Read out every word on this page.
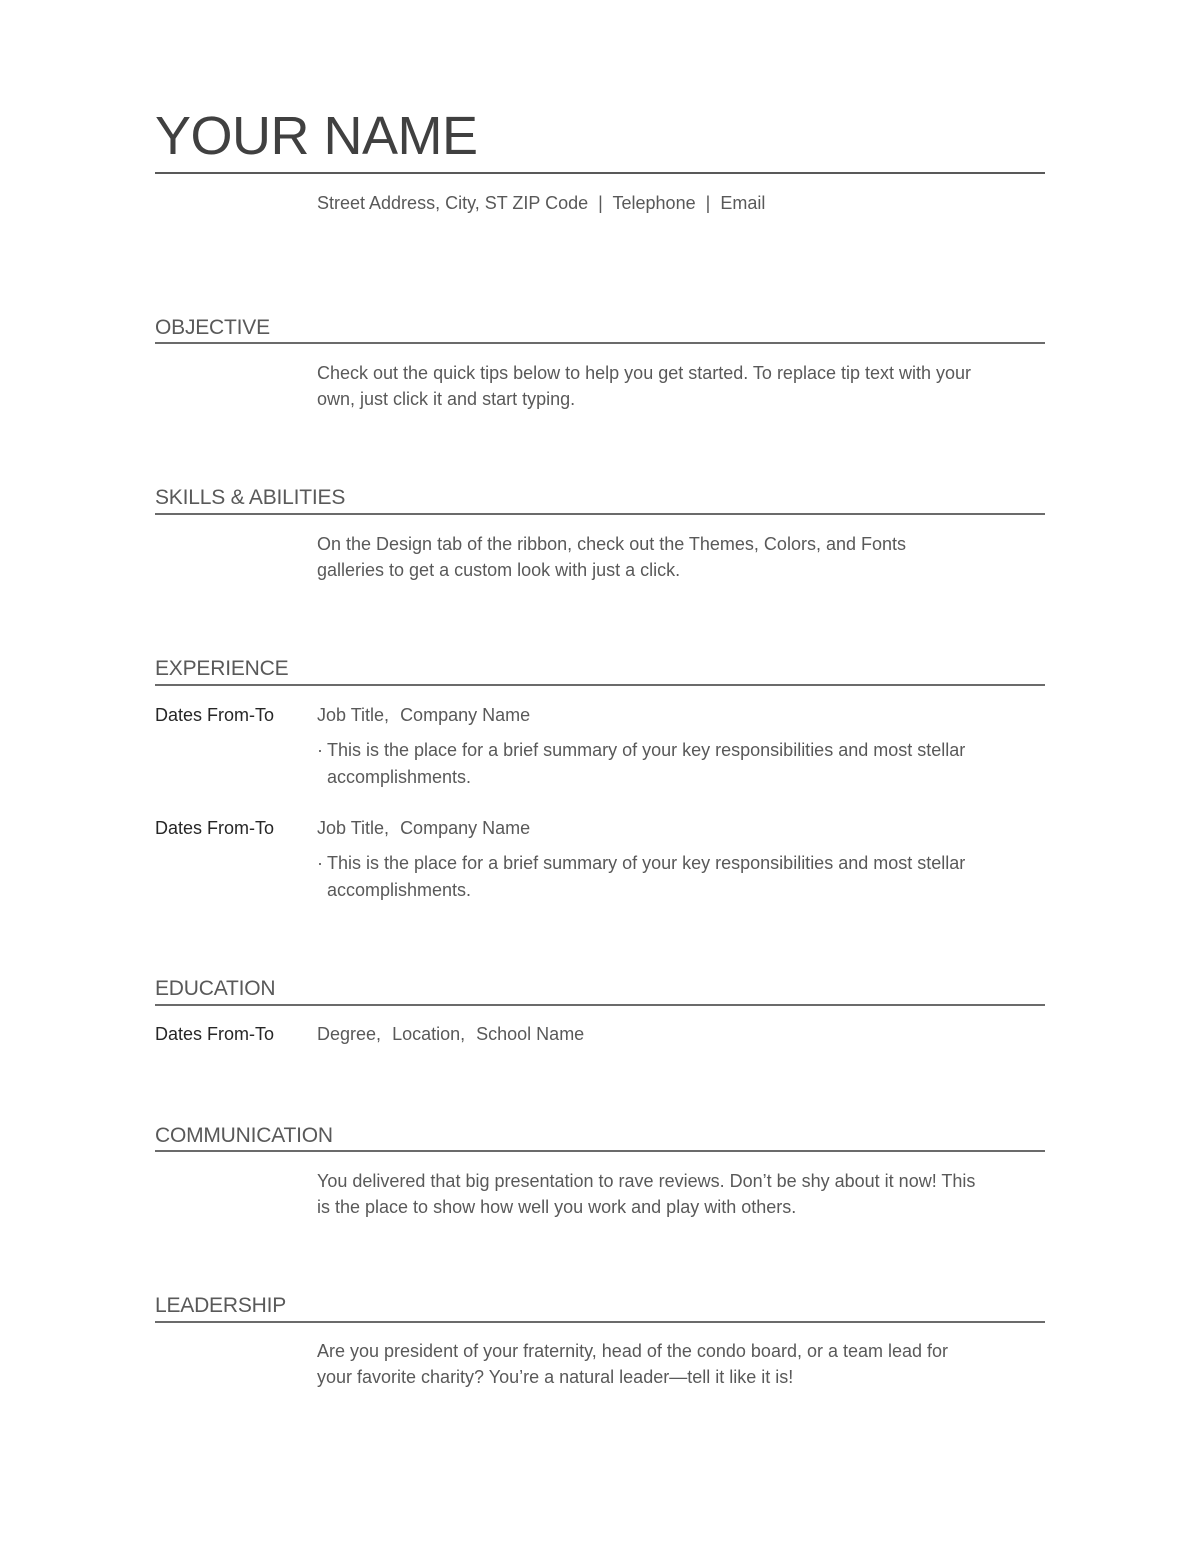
YOUR NAME
Street Address, City, ST ZIP Code | Telephone | Email
OBJECTIVE
Check out the quick tips below to help you get started. To replace tip text with your own, just click it and start typing.
SKILLS & ABILITIES
On the Design tab of the ribbon, check out the Themes, Colors, and Fonts galleries to get a custom look with just a click.
EXPERIENCE
Dates From-To Job Title, Company Name
· This is the place for a brief summary of your key responsibilities and most stellar accomplishments.
Dates From-To Job Title, Company Name
· This is the place for a brief summary of your key responsibilities and most stellar accomplishments.
EDUCATION
Dates From-To Degree, Location, School Name
COMMUNICATION
You delivered that big presentation to rave reviews. Don’t be shy about it now! This is the place to show how well you work and play with others.
LEADERSHIP
Are you president of your fraternity, head of the condo board, or a team lead for your favorite charity? You’re a natural leader—tell it like it is!
